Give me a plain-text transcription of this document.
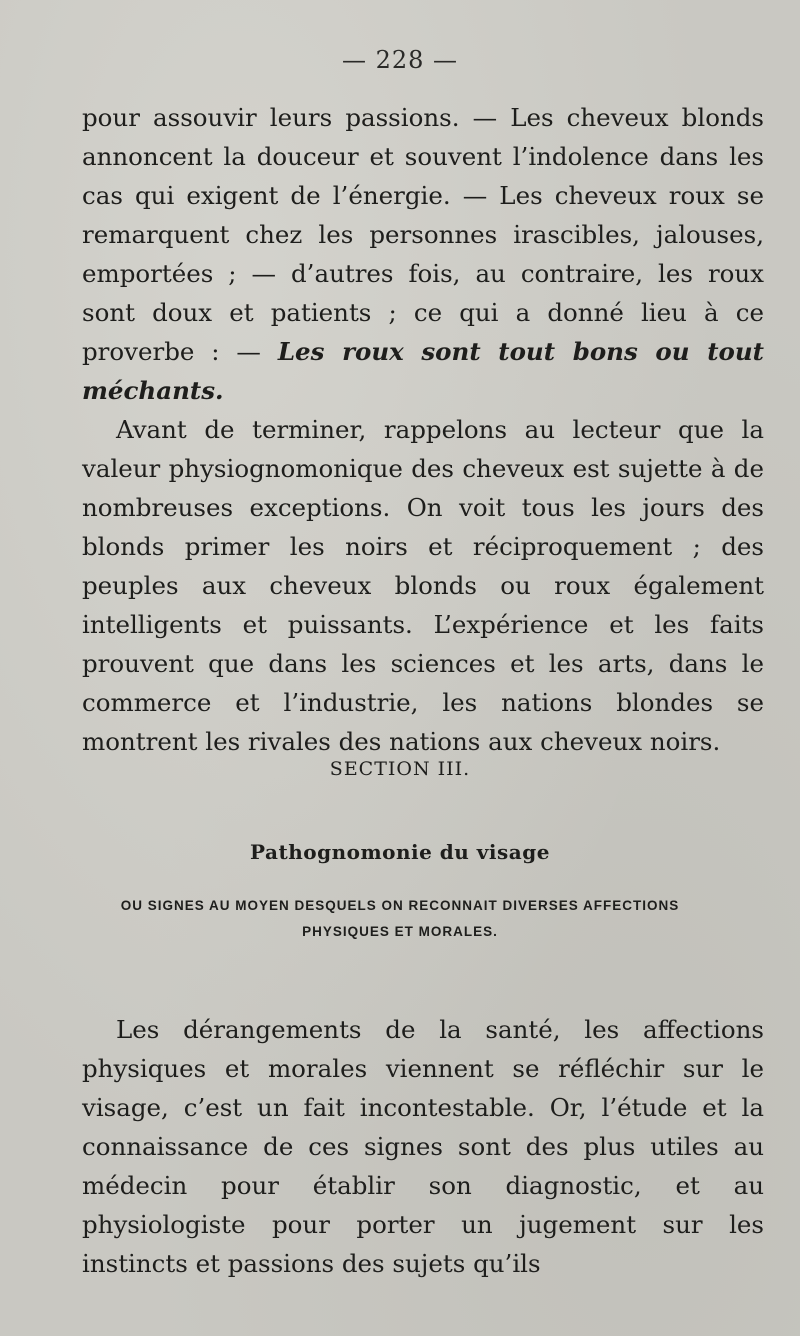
— 228 —

pour assouvir leurs passions. — Les cheveux blonds annoncent la douceur et souvent l’indolence dans les cas qui exigent de l’énergie. — Les cheveux roux se remarquent chez les personnes irascibles, jalouses, emportées ; — d’autres fois, au contraire, les roux sont doux et patients ; ce qui a donné lieu à ce proverbe : — Les roux sont tout bons ou tout méchants.

Avant de terminer, rappelons au lecteur que la valeur physiognomonique des cheveux est sujette à de nombreuses exceptions. On voit tous les jours des blonds primer les noirs et réciproquement ; des peuples aux cheveux blonds ou roux également intelligents et puissants. L’expérience et les faits prouvent que dans les sciences et les arts, dans le commerce et l’industrie, les nations blondes se montrent les rivales des nations aux cheveux noirs.

SECTION III.
Pathognomonie du visage
OU SIGNES AU MOYEN DESQUELS ON RECONNAIT DIVERSES AFFECTIONS PHYSIQUES ET MORALES.

Les dérangements de la santé, les affections physiques et morales viennent se réfléchir sur le visage, c’est un fait incontestable. Or, l’étude et la connaissance de ces signes sont des plus utiles au médecin pour établir son diagnostic, et au physiologiste pour porter un jugement sur les instincts et passions des sujets qu’ils
